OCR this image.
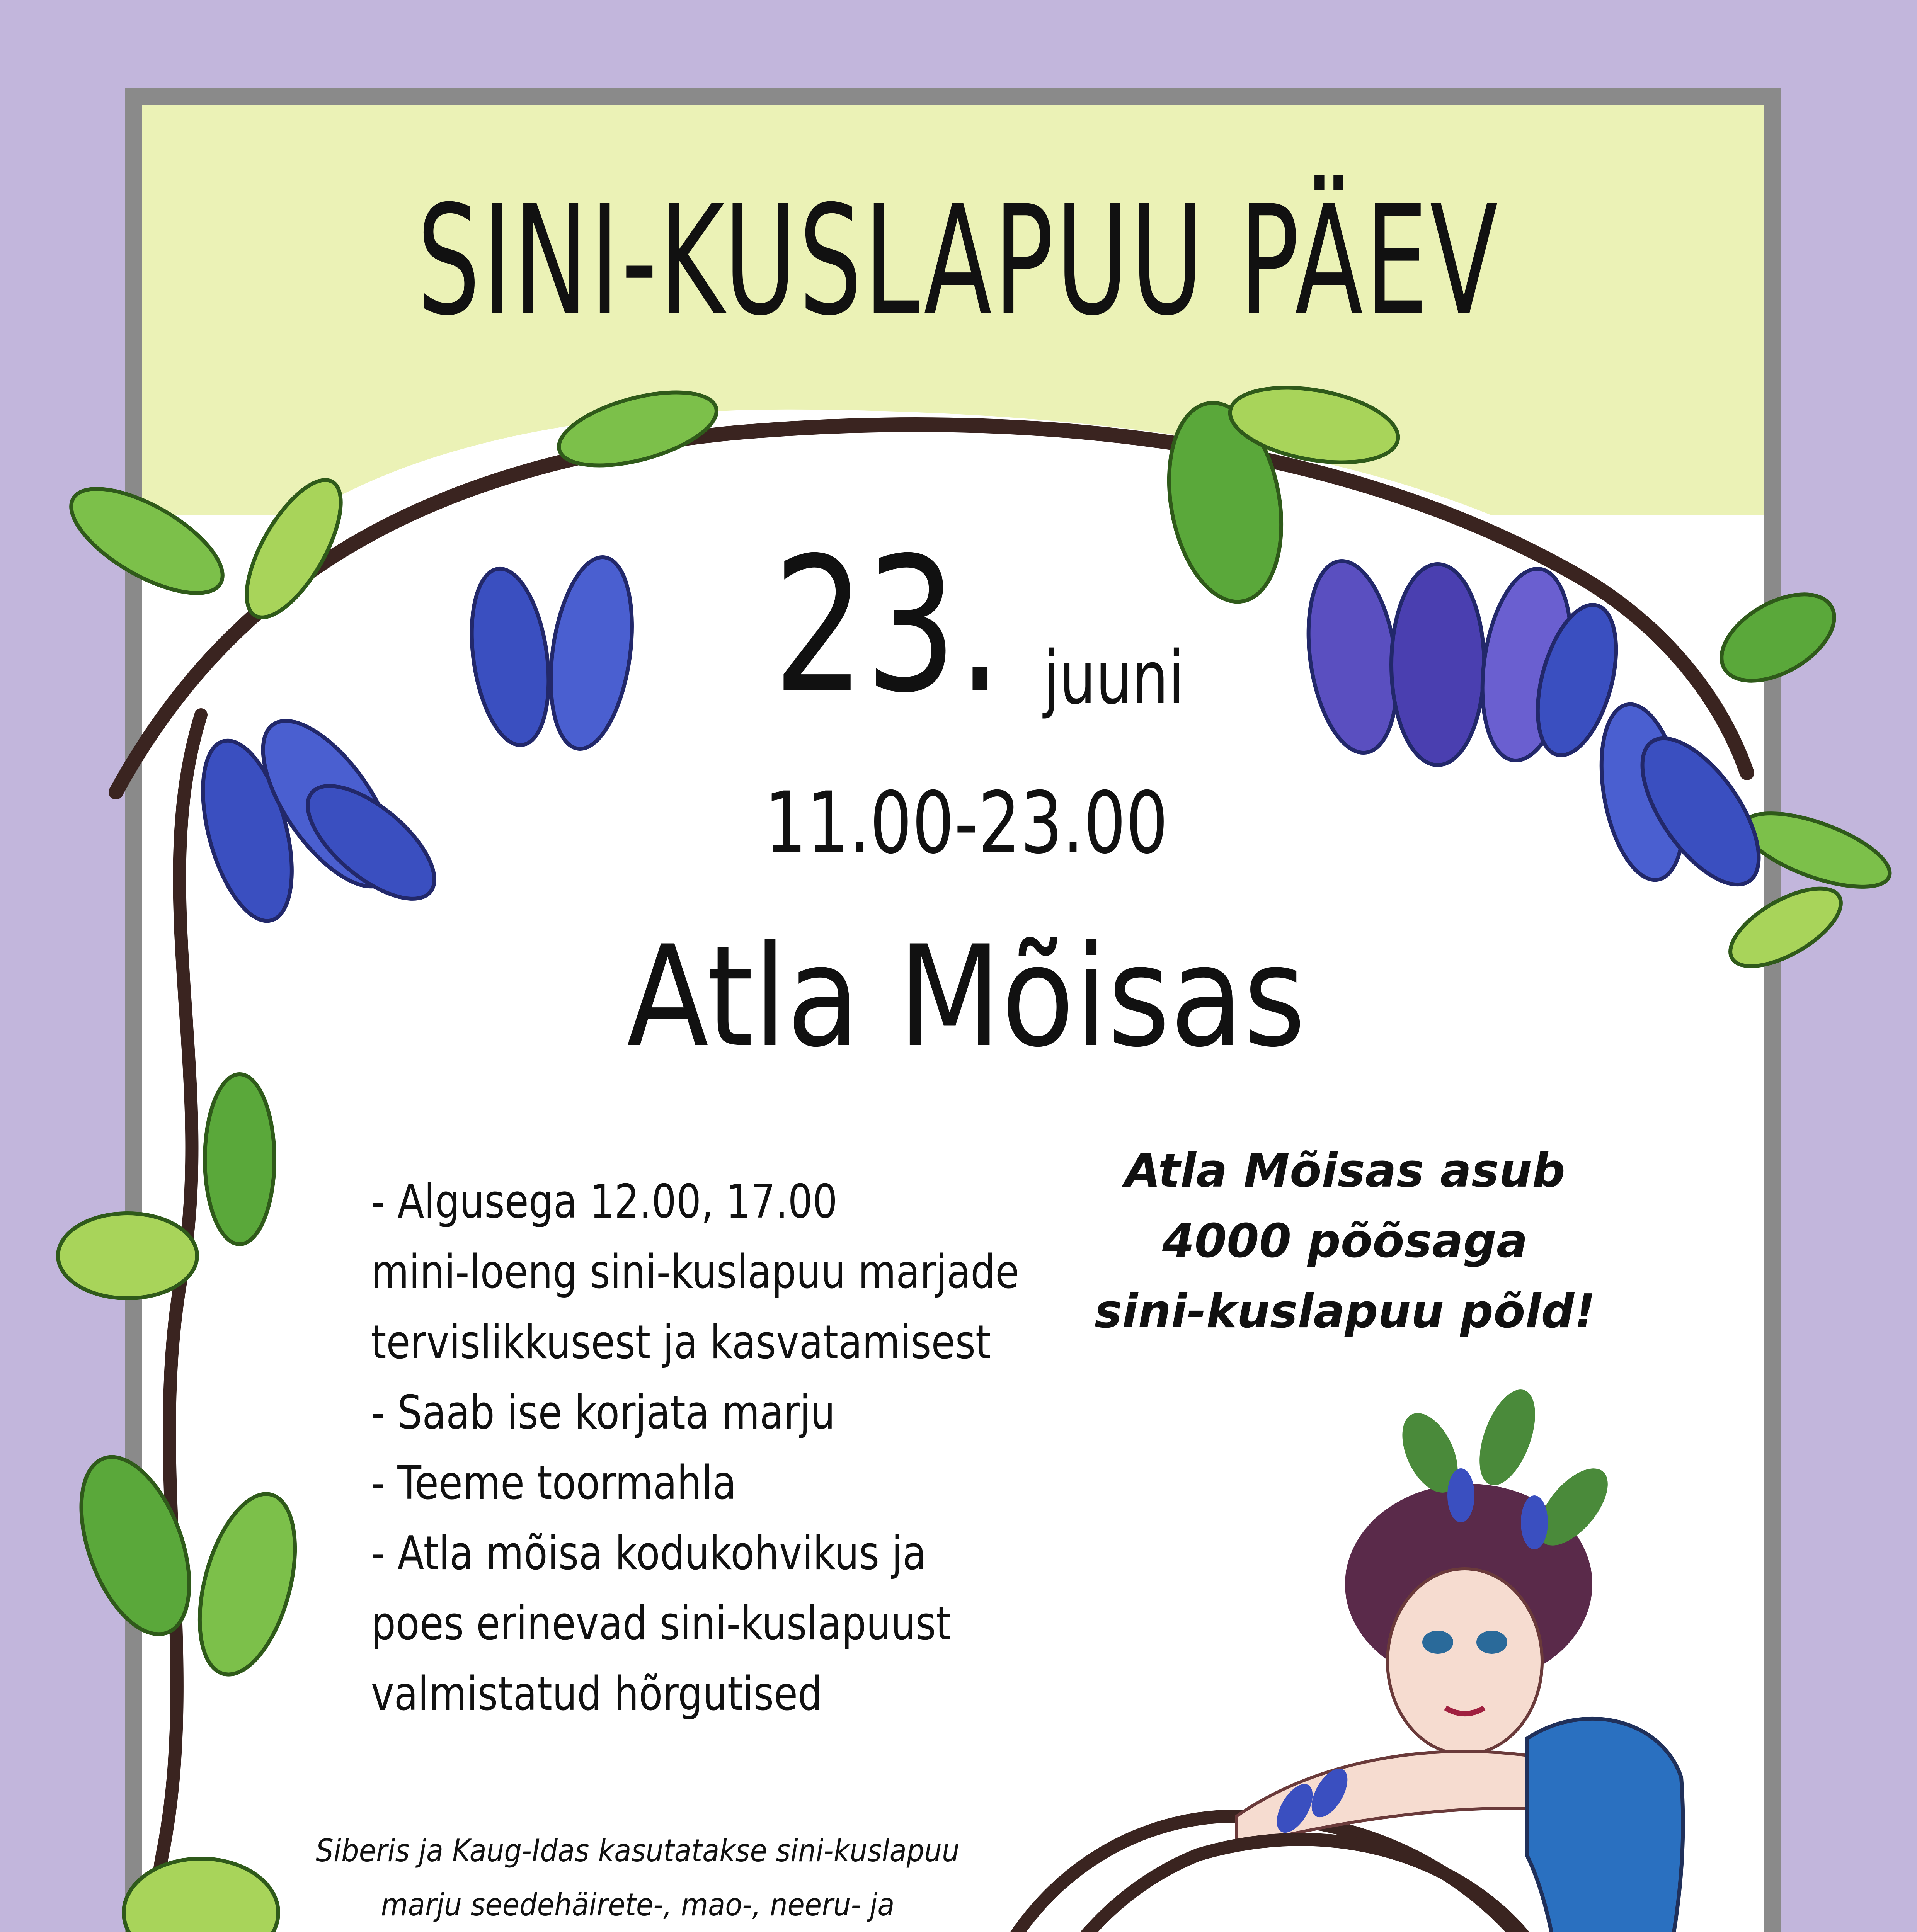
SINI-KUSLAPUU PÄEV
23. juuni
11.00-23.00
Atla Mõisas
- Algusega 12.00, 17.00
mini-loeng sini-kuslapuu marjade
tervislikkusest ja kasvatamisest
- Saab ise korjata marju
- Teeme toormahla
- Atla mõisa kodukohvikus ja
poes erinevad sini-kuslapuust
valmistatud hõrgutised
Atla Mõisas asub
4000 põõsaga
sini-kuslapuu põld!
Siberis ja Kaug-Idas kasutatakse sini-kuslapuu
marju seedehäirete-, mao-, neeru- ja
